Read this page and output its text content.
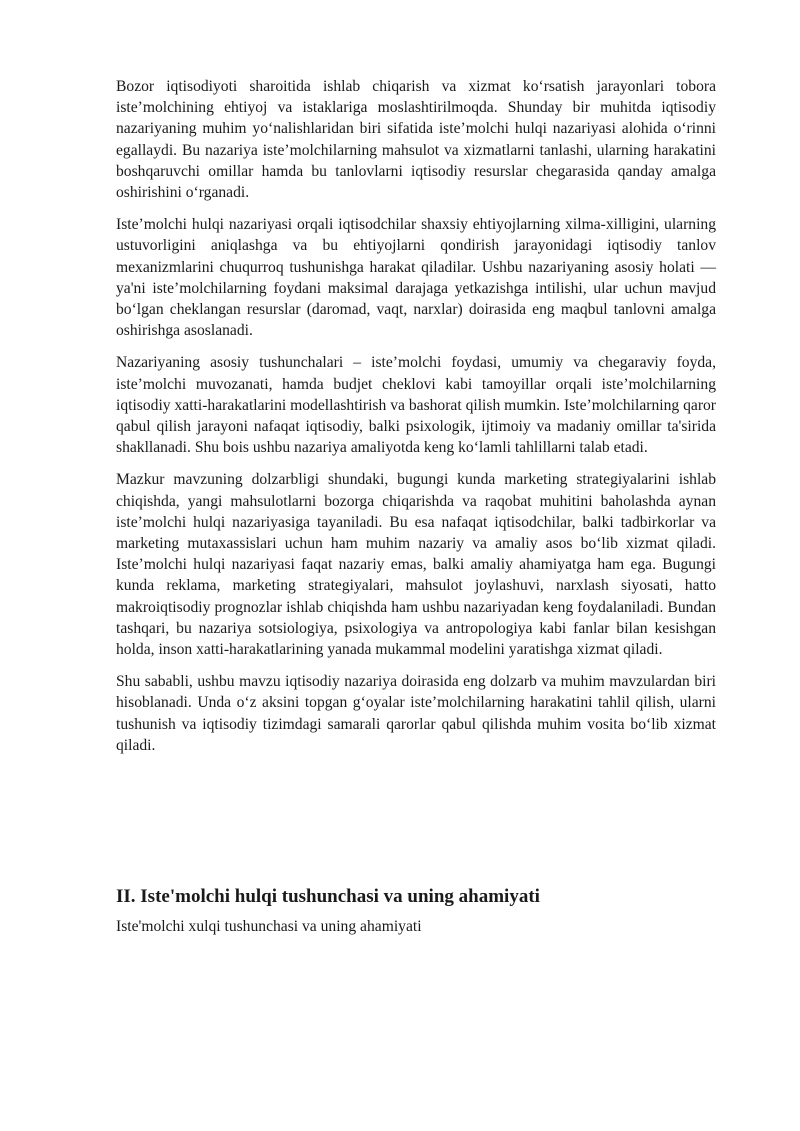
Bozor iqtisodiyoti sharoitida ishlab chiqarish va xizmat ko‘rsatish jarayonlari tobora iste’molchining ehtiyoj va istaklariga moslashtirilmoqda. Shunday bir muhitda iqtisodiy nazariyaning muhim yo‘nalishlaridan biri sifatida iste’molchi hulqi nazariyasi alohida o‘rinni egallaydi. Bu nazariya iste’molchilarning mahsulot va xizmatlarni tanlashi, ularning harakatini boshqaruvchi omillar hamda bu tanlovlarni iqtisodiy resurslar chegarasida qanday amalga oshirishini o‘rganadi.

Iste’molchi hulqi nazariyasi orqali iqtisodchilar shaxsiy ehtiyojlarning xilma-xilligini, ularning ustuvorligini aniqlashga va bu ehtiyojlarni qondirish jarayonidagi iqtisodiy tanlov mexanizmlarini chuqurroq tushunishga harakat qiladilar. Ushbu nazariyaning asosiy holati — ya'ni iste’molchilarning foydani maksimal darajaga yetkazishga intilishi, ular uchun mavjud bo‘lgan cheklangan resurslar (daromad, vaqt, narxlar) doirasida eng maqbul tanlovni amalga oshirishga asoslanadi.

Nazariyaning asosiy tushunchalari – iste’molchi foydasi, umumiy va chegaraviy foyda, iste’molchi muvozanati, hamda budjet cheklovi kabi tamoyillar orqali iste’molchilarning iqtisodiy xatti-harakatlarini modellashtirish va bashorat qilish mumkin. Iste’molchilarning qaror qabul qilish jarayoni nafaqat iqtisodiy, balki psixologik, ijtimoiy va madaniy omillar ta'sirida shakllanadi. Shu bois ushbu nazariya amaliyotda keng ko‘lamli tahlillarni talab etadi.

Mazkur mavzuning dolzarbligi shundaki, bugungi kunda marketing strategiyalarini ishlab chiqishda, yangi mahsulotlarni bozorga chiqarishda va raqobat muhitini baholashda aynan iste’molchi hulqi nazariyasiga tayaniladi. Bu esa nafaqat iqtisodchilar, balki tadbirkorlar va marketing mutaxassislari uchun ham muhim nazariy va amaliy asos bo‘lib xizmat qiladi. Iste’molchi hulqi nazariyasi faqat nazariy emas, balki amaliy ahamiyatga ham ega. Bugungi kunda reklama, marketing strategiyalari, mahsulot joylashuvi, narxlash siyosati, hatto makroiqtisodiy prognozlar ishlab chiqishda ham ushbu nazariyadan keng foydalaniladi. Bundan tashqari, bu nazariya sotsiologiya, psixologiya va antropologiya kabi fanlar bilan kesishgan holda, inson xatti-harakatlarining yanada mukammal modelini yaratishga xizmat qiladi.

Shu sababli, ushbu mavzu iqtisodiy nazariya doirasida eng dolzarb va muhim mavzulardan biri hisoblanadi. Unda o‘z aksini topgan g‘oyalar iste’molchilarning harakatini tahlil qilish, ularni tushunish va iqtisodiy tizimdagi samarali qarorlar qabul qilishda muhim vosita bo‘lib xizmat qiladi.

II. Iste'molchi hulqi tushunchasi va uning ahamiyati

Iste'molchi xulqi tushunchasi va uning ahamiyati
